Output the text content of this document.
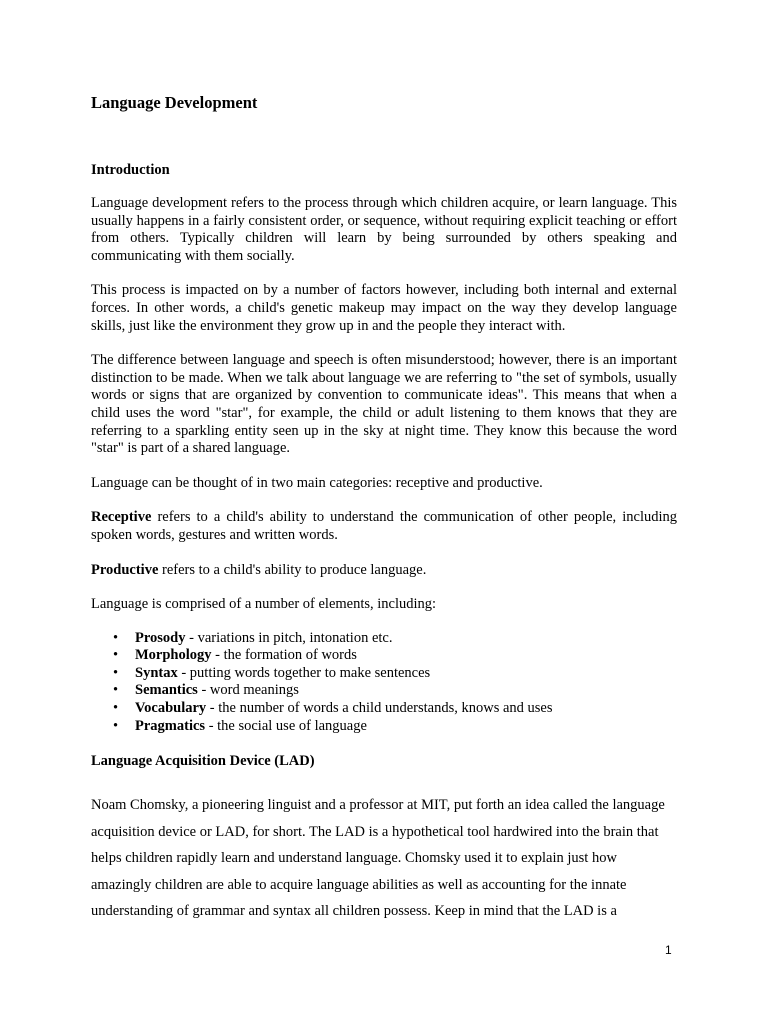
Language Development
Introduction

Language development refers to the process through which children acquire, or learn language. This usually happens in a fairly consistent order, or sequence, without requiring explicit teaching or effort from others. Typically children will learn by being surrounded by others speaking and communicating with them socially.

This process is impacted on by a number of factors however, including both internal and external forces. In other words, a child's genetic makeup may impact on the way they develop language skills, just like the environment they grow up in and the people they interact with.

The difference between language and speech is often misunderstood; however, there is an important distinction to be made. When we talk about language we are referring to "the set of symbols, usually words or signs that are organized by convention to communicate ideas". This means that when a child uses the word "star", for example, the child or adult listening to them knows that they are referring to a sparkling entity seen up in the sky at night time. They know this because the word "star" is part of a shared language.

Language can be thought of in two main categories: receptive and productive.

Receptive refers to a child's ability to understand the communication of other people, including spoken words, gestures and written words.

Productive refers to a child's ability to produce language.

Language is comprised of a number of elements, including:

• Prosody - variations in pitch, intonation etc.
• Morphology - the formation of words
• Syntax - putting words together to make sentences
• Semantics - word meanings
• Vocabulary - the number of words a child understands, knows and uses
• Pragmatics - the social use of language
Language Acquisition Device (LAD)

Noam Chomsky, a pioneering linguist and a professor at MIT, put forth an idea called the language acquisition device or LAD, for short. The LAD is a hypothetical tool hardwired into the brain that helps children rapidly learn and understand language. Chomsky used it to explain just how amazingly children are able to acquire language abilities as well as accounting for the innate understanding of grammar and syntax all children possess. Keep in mind that the LAD is a

1
